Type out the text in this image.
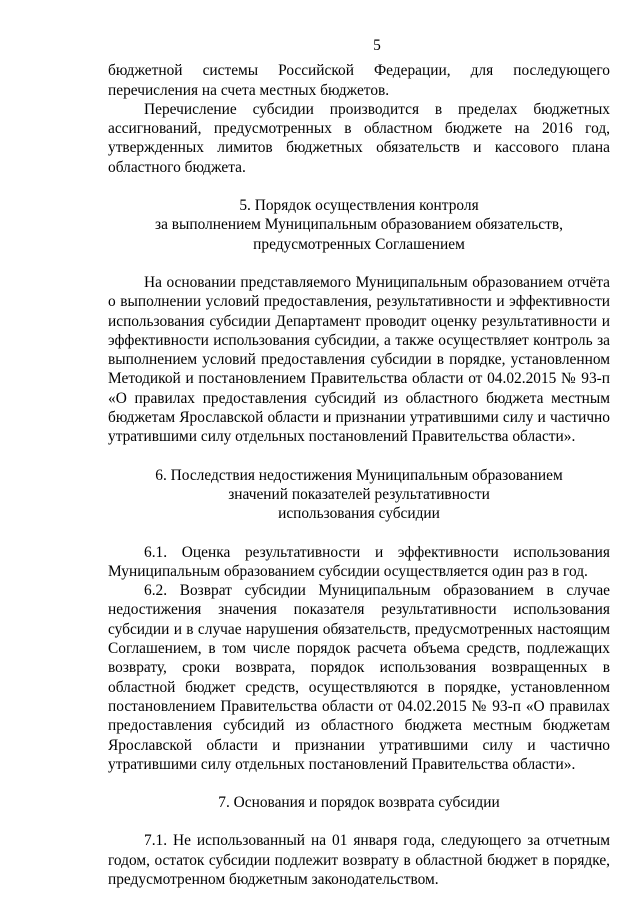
5

бюджетной системы Российской Федерации, для последующего перечисления на счета местных бюджетов.

Перечисление субсидии производится в пределах бюджетных ассигнований, предусмотренных в областном бюджете на 2016 год, утвержденных лимитов бюджетных обязательств и кассового плана областного бюджета.

5. Порядок осуществления контроля
за выполнением Муниципальным образованием обязательств,
предусмотренных Соглашением

На основании представляемого Муниципальным образованием отчёта о выполнении условий предоставления, результативности и эффективности использования субсидии Департамент проводит оценку результативности и эффективности использования субсидии, а также осуществляет контроль за выполнением условий предоставления субсидии в порядке, установленном Методикой и постановлением Правительства области от 04.02.2015 № 93-п «О правилах предоставления субсидий из областного бюджета местным бюджетам Ярославской области и признании утратившими силу и частично утратившими силу отдельных постановлений Правительства области».

6. Последствия недостижения Муниципальным образованием
значений показателей результативности
использования субсидии

6.1. Оценка результативности и эффективности использования Муниципальным образованием субсидии осуществляется один раз в год.

6.2. Возврат субсидии Муниципальным образованием в случае недостижения значения показателя результативности использования субсидии и в случае нарушения обязательств, предусмотренных настоящим Соглашением, в том числе порядок расчета объема средств, подлежащих возврату, сроки возврата, порядок использования возвращенных в областной бюджет средств, осуществляются в порядке, установленном постановлением Правительства области от 04.02.2015 № 93-п «О правилах предоставления субсидий из областного бюджета местным бюджетам Ярославской области и признании утратившими силу и частично утратившими силу отдельных постановлений Правительства области».

7. Основания и порядок возврата субсидии

7.1. Не использованный на 01 января года, следующего за отчетным годом, остаток субсидии подлежит возврату в областной бюджет в порядке, предусмотренном бюджетным законодательством.
